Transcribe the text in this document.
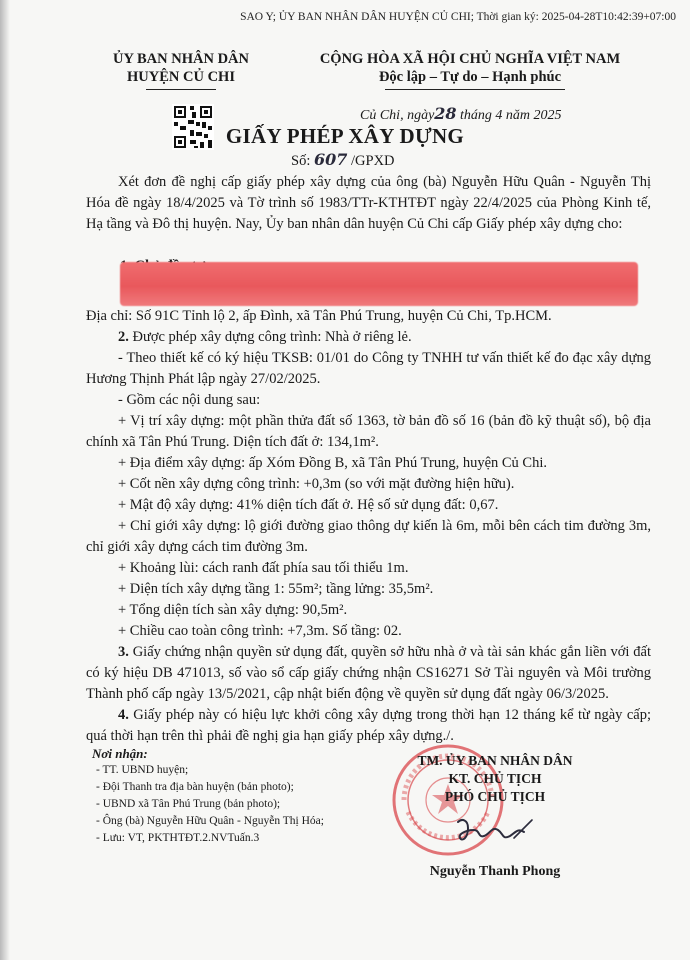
SAO Y; ỦY BAN NHÂN DÂN HUYỆN CỦ CHI; Thời gian ký: 2025-04-28T10:42:39+07:00
ỦY BAN NHÂN DÂN
HUYỆN CỦ CHI
CỘNG HÒA XÃ HỘI CHỦ NGHĨA VIỆT NAM
Độc lập – Tự do – Hạnh phúc
Củ Chi, ngày28 tháng 4 năm 2025
GIẤY PHÉP XÂY DỰNG
Số: 607 /GPXD
Xét đơn đề nghị cấp giấy phép xây dựng của ông (bà) Nguyễn Hữu Quân - Nguyễn Thị Hóa đề ngày 18/4/2025 và Tờ trình số 1983/TTr-KTHTĐT ngày 22/4/2025 của Phòng Kinh tế, Hạ tầng và Đô thị huyện. Nay, Ủy ban nhân dân huyện Củ Chi cấp Giấy phép xây dựng cho:
Địa chỉ: Số 91C Tỉnh lộ 2, ấp Đình, xã Tân Phú Trung, huyện Củ Chi, Tp.HCM.
2. Được phép xây dựng công trình: Nhà ở riêng lẻ.
- Theo thiết kế có ký hiệu TKSB: 01/01 do Công ty TNHH tư vấn thiết kế đo đạc xây dựng Hương Thịnh Phát lập ngày 27/02/2025.
- Gồm các nội dung sau:
+ Vị trí xây dựng: một phần thửa đất số 1363, tờ bản đồ số 16 (bản đồ kỹ thuật số), bộ địa chính xã Tân Phú Trung. Diện tích đất ở: 134,1m².
+ Địa điểm xây dựng: ấp Xóm Đồng B, xã Tân Phú Trung, huyện Củ Chi.
+ Cốt nền xây dựng công trình: +0,3m (so với mặt đường hiện hữu).
+ Mật độ xây dựng: 41% diện tích đất ở. Hệ số sử dụng đất: 0,67.
+ Chỉ giới xây dựng: lộ giới đường giao thông dự kiến là 6m, mỗi bên cách tim đường 3m, chỉ giới xây dựng cách tim đường 3m.
+ Khoảng lùi: cách ranh đất phía sau tối thiểu 1m.
+ Diện tích xây dựng tầng 1: 55m²; tầng lửng: 35,5m².
+ Tổng diện tích sàn xây dựng: 90,5m².
+ Chiều cao toàn công trình: +7,3m. Số tầng: 02.
3. Giấy chứng nhận quyền sử dụng đất, quyền sở hữu nhà ở và tài sản khác gắn liền với đất có ký hiệu DB 471013, số vào sổ cấp giấy chứng nhận CS16271 Sở Tài nguyên và Môi trường Thành phố cấp ngày 13/5/2021, cập nhật biến động về quyền sử dụng đất ngày 06/3/2025.
4. Giấy phép này có hiệu lực khởi công xây dựng trong thời hạn 12 tháng kể từ ngày cấp; quá thời hạn trên thì phải đề nghị gia hạn giấy phép xây dựng./.
Nơi nhận:
- TT. UBND huyện;
- Đội Thanh tra địa bàn huyện (bản photo);
- UBND xã Tân Phú Trung (bản photo);
- Ông (bà) Nguyễn Hữu Quân - Nguyễn Thị Hóa;
- Lưu: VT, PKTHTĐT.2.NVTuấn.3
TM. ỦY BAN NHÂN DÂN
KT. CHỦ TỊCH
PHÓ CHỦ TỊCH
Nguyễn Thanh Phong
